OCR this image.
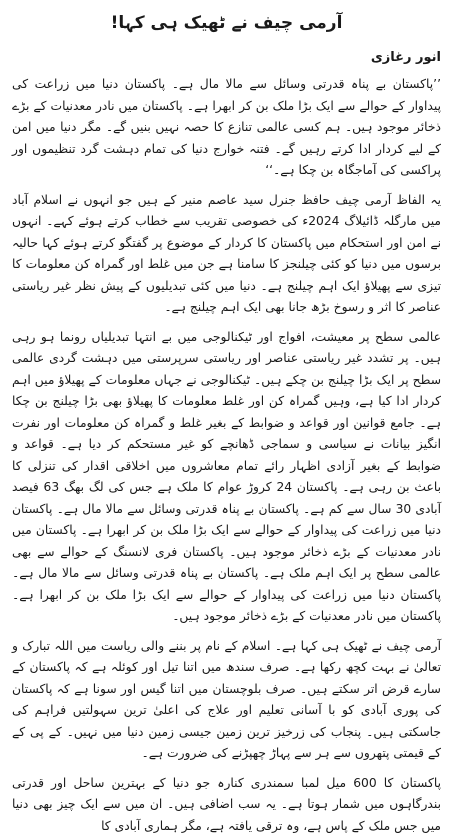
آرمی چیف نے ٹھیک ہی کہا!
انور رغازی

’’پاکستان بے پناہ قدرتی وسائل سے مالا مال ہے۔ پاکستان دنیا میں زراعت کی پیداوار کے حوالے سے ایک بڑا ملک بن کر ابھرا ہے۔ پاکستان میں نادر معدنیات کے بڑے ذخائر موجود ہیں۔ ہم کسی عالمی تنازع کا حصہ نہیں بنیں گے۔ مگر دنیا میں امن کے لیے کردار ادا کرتے رہیں گے۔ فتنہ خوارج دنیا کی تمام دہشت گرد تنظیموں اور پراکسی کی آماجگاہ بن چکا ہے۔‘‘

یہ الفاظ آرمی چیف حافظ جنرل سید عاصم منیر کے ہیں جو انہوں نے اسلام آباد میں مارگلہ ڈائیلاگ 2024ء کی خصوصی تقریب سے خطاب کرتے ہوئے کہے۔ انہوں نے امن اور استحکام میں پاکستان کا کردار کے موضوع پر گفتگو کرتے ہوئے کہا حالیہ برسوں میں دنیا کو کئی چیلنجز کا سامنا ہے جن میں غلط اور گمراہ کن معلومات کا تیزی سے پھیلاؤ ایک اہم چیلنج ہے۔ دنیا میں کئی تبدیلیوں کے پیش نظر غیر ریاستی عناصر کا اثر و رسوخ بڑھ جانا بھی ایک اہم چیلنج ہے۔

عالمی سطح پر معیشت، افواج اور ٹیکنالوجی میں بے انتہا تبدیلیاں رونما ہو رہی ہیں۔ پر تشدد غیر ریاستی عناصر اور ریاستی سرپرستی میں دہشت گردی عالمی سطح پر ایک بڑا چیلنج بن چکے ہیں۔ ٹیکنالوجی نے جہاں معلومات کے پھیلاؤ میں اہم کردار ادا کیا ہے، وہیں گمراہ کن اور غلط معلومات کا پھیلاؤ بھی بڑا چیلنج بن چکا ہے۔ جامع قوانین اور قواعد و ضوابط کے بغیر غلط و گمراہ کن معلومات اور نفرت انگیز بیانات نے سیاسی و سماجی ڈھانچے کو غیر مستحکم کر دیا ہے۔ قواعد و ضوابط کے بغیر آزادی اظہار رائے تمام معاشروں میں اخلاقی اقدار کی تنزلی کا باعث بن رہی ہے۔ پاکستان 24 کروڑ عوام کا ملک ہے جس کی لگ بھگ 63 فیصد آبادی 30 سال سے کم ہے۔ پاکستان بے پناہ قدرتی وسائل سے مالا مال ہے۔ پاکستان دنیا میں زراعت کی پیداوار کے حوالے سے ایک بڑا ملک بن کر ابھرا ہے۔ پاکستان میں نادر معدنیات کے بڑے ذخائر موجود ہیں۔ پاکستان فری لانسنگ کے حوالے سے بھی عالمی سطح پر ایک اہم ملک ہے۔ پاکستان بے پناہ قدرتی وسائل سے مالا مال ہے۔ پاکستان دنیا میں زراعت کی پیداوار کے حوالے سے ایک بڑا ملک بن کر ابھرا ہے۔ پاکستان میں نادر معدنیات کے بڑے ذخائر موجود ہیں۔

آرمی چیف نے ٹھیک ہی کہا ہے۔ اسلام کے نام پر بننے والی ریاست میں اللہ تبارک و تعالیٰ نے بہت کچھ رکھا ہے۔ صرف سندھ میں اتنا تیل اور کوئلہ ہے کہ پاکستان کے سارے قرض اتر سکتے ہیں۔ صرف بلوچستان میں اتنا گیس اور سونا ہے کہ پاکستان کی پوری آبادی کو با آسانی تعلیم اور علاج کی اعلیٰ ترین سہولتیں فراہم کی جاسکتی ہیں۔ پنجاب کی زرخیز ترین زمین جیسی زمین دنیا میں نہیں۔ کے پی کے کے قیمتی پتھروں سے ہر سے پہاڑ چھپڑنے کی ضرورت ہے۔

پاکستان کا 600 میل لمبا سمندری کنارہ جو دنیا کے بہترین ساحل اور قدرتی بندرگاہوں میں شمار ہوتا ہے۔ یہ سب اضافی ہیں۔ ان میں سے ایک چیز بھی دنیا میں جس ملک کے پاس ہے، وہ ترقی یافتہ ہے، مگر ہماری آبادی کا
